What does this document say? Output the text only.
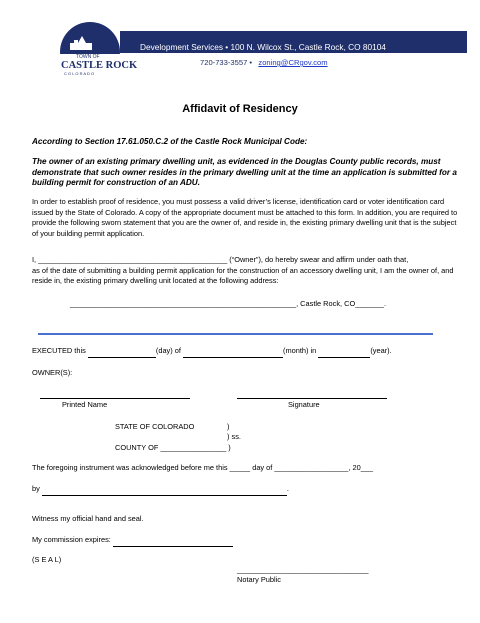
Development Services • 100 N. Wilcox St., Castle Rock, CO 80104
720-733-3557 • zoning@CRgov.com
TOWN OF
CASTLE ROCK
C O L O R A D O
Affidavit of Residency
According to Section 17.61.050.C.2 of the Castle Rock Municipal Code:
The owner of an existing primary dwelling unit, as evidenced in the Douglas County public records, must demonstrate that such owner resides in the primary dwelling unit at the time an application is submitted for a building permit for construction of an ADU.
In order to establish proof of residence, you must possess a valid driver’s license, identification card or voter identification card issued by the State of Colorado. A copy of the appropriate document must be attached to this form. In addition, you are required to provide the following sworn statement that you are the owner of, and reside in, the existing primary dwelling unit that is the subject of your building permit application.
I, ______________________________________________ (“Owner”), do hereby swear and affirm under oath that,
as of the date of submitting a building permit application for the construction of an accessory dwelling unit, I am the owner of, and reside in, the existing primary dwelling unit located at the following address:
_______________________________________________________, Castle Rock, CO_______.
EXECUTED this	(day) of	(month) in	(year).
OWNER(S):
Printed Name	Signature
STATE OF COLORADO	)
) ss.
COUNTY OF ________________ )
The foregoing instrument was acknowledged before me this _____ day of __________________, 20___
by	.
Witness my official hand and seal.
My commission expires:
(S E A L)
________________________________
Notary Public
